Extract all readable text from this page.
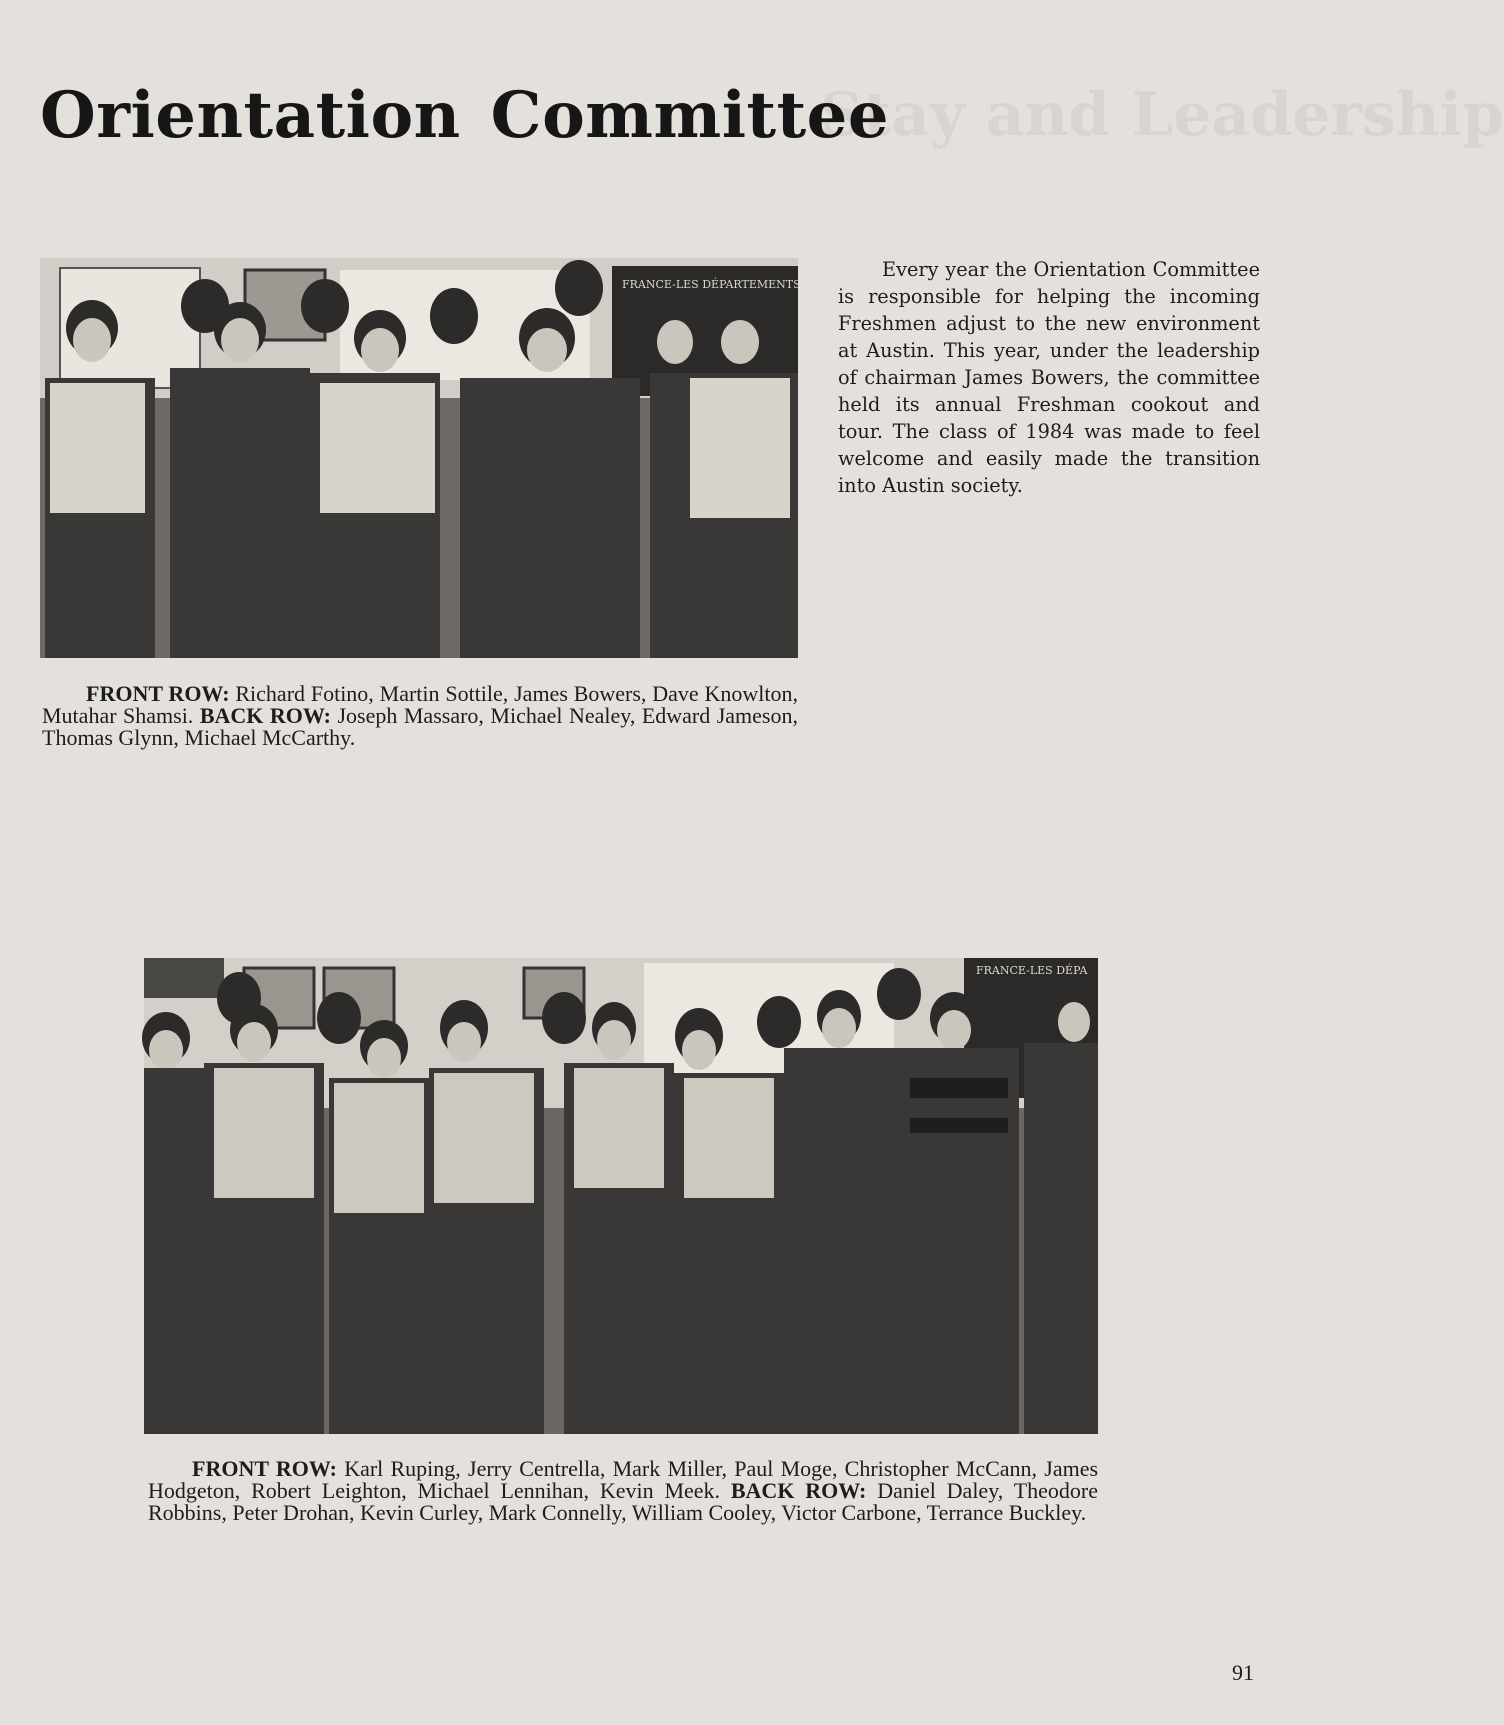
Stay and Leadership
Orientation Committee
FRANCE-LES DÉPARTEMENTS

Every year the Orientation Committee is responsible for helping the incoming Freshmen adjust to the new environment at Austin. This year, under the leadership of chairman James Bowers, the committee held its annual Freshman cookout and tour. The class of 1984 was made to feel welcome and easily made the transition into Austin society.

FRONT ROW: Richard Fotino, Martin Sottile, James Bowers, Dave Knowlton, Mutahar Shamsi. BACK ROW: Joseph Massaro, Michael Nealey, Edward Jameson, Thomas Glynn, Michael McCarthy.

FRANCE-LES DÉPA

FRONT ROW: Karl Ruping, Jerry Centrella, Mark Miller, Paul Moge, Christopher McCann, James Hodgeton, Robert Leighton, Michael Lennihan, Kevin Meek. BACK ROW: Daniel Daley, Theodore Robbins, Peter Drohan, Kevin Curley, Mark Connelly, William Cooley, Victor Carbone, Terrance Buckley.

91
